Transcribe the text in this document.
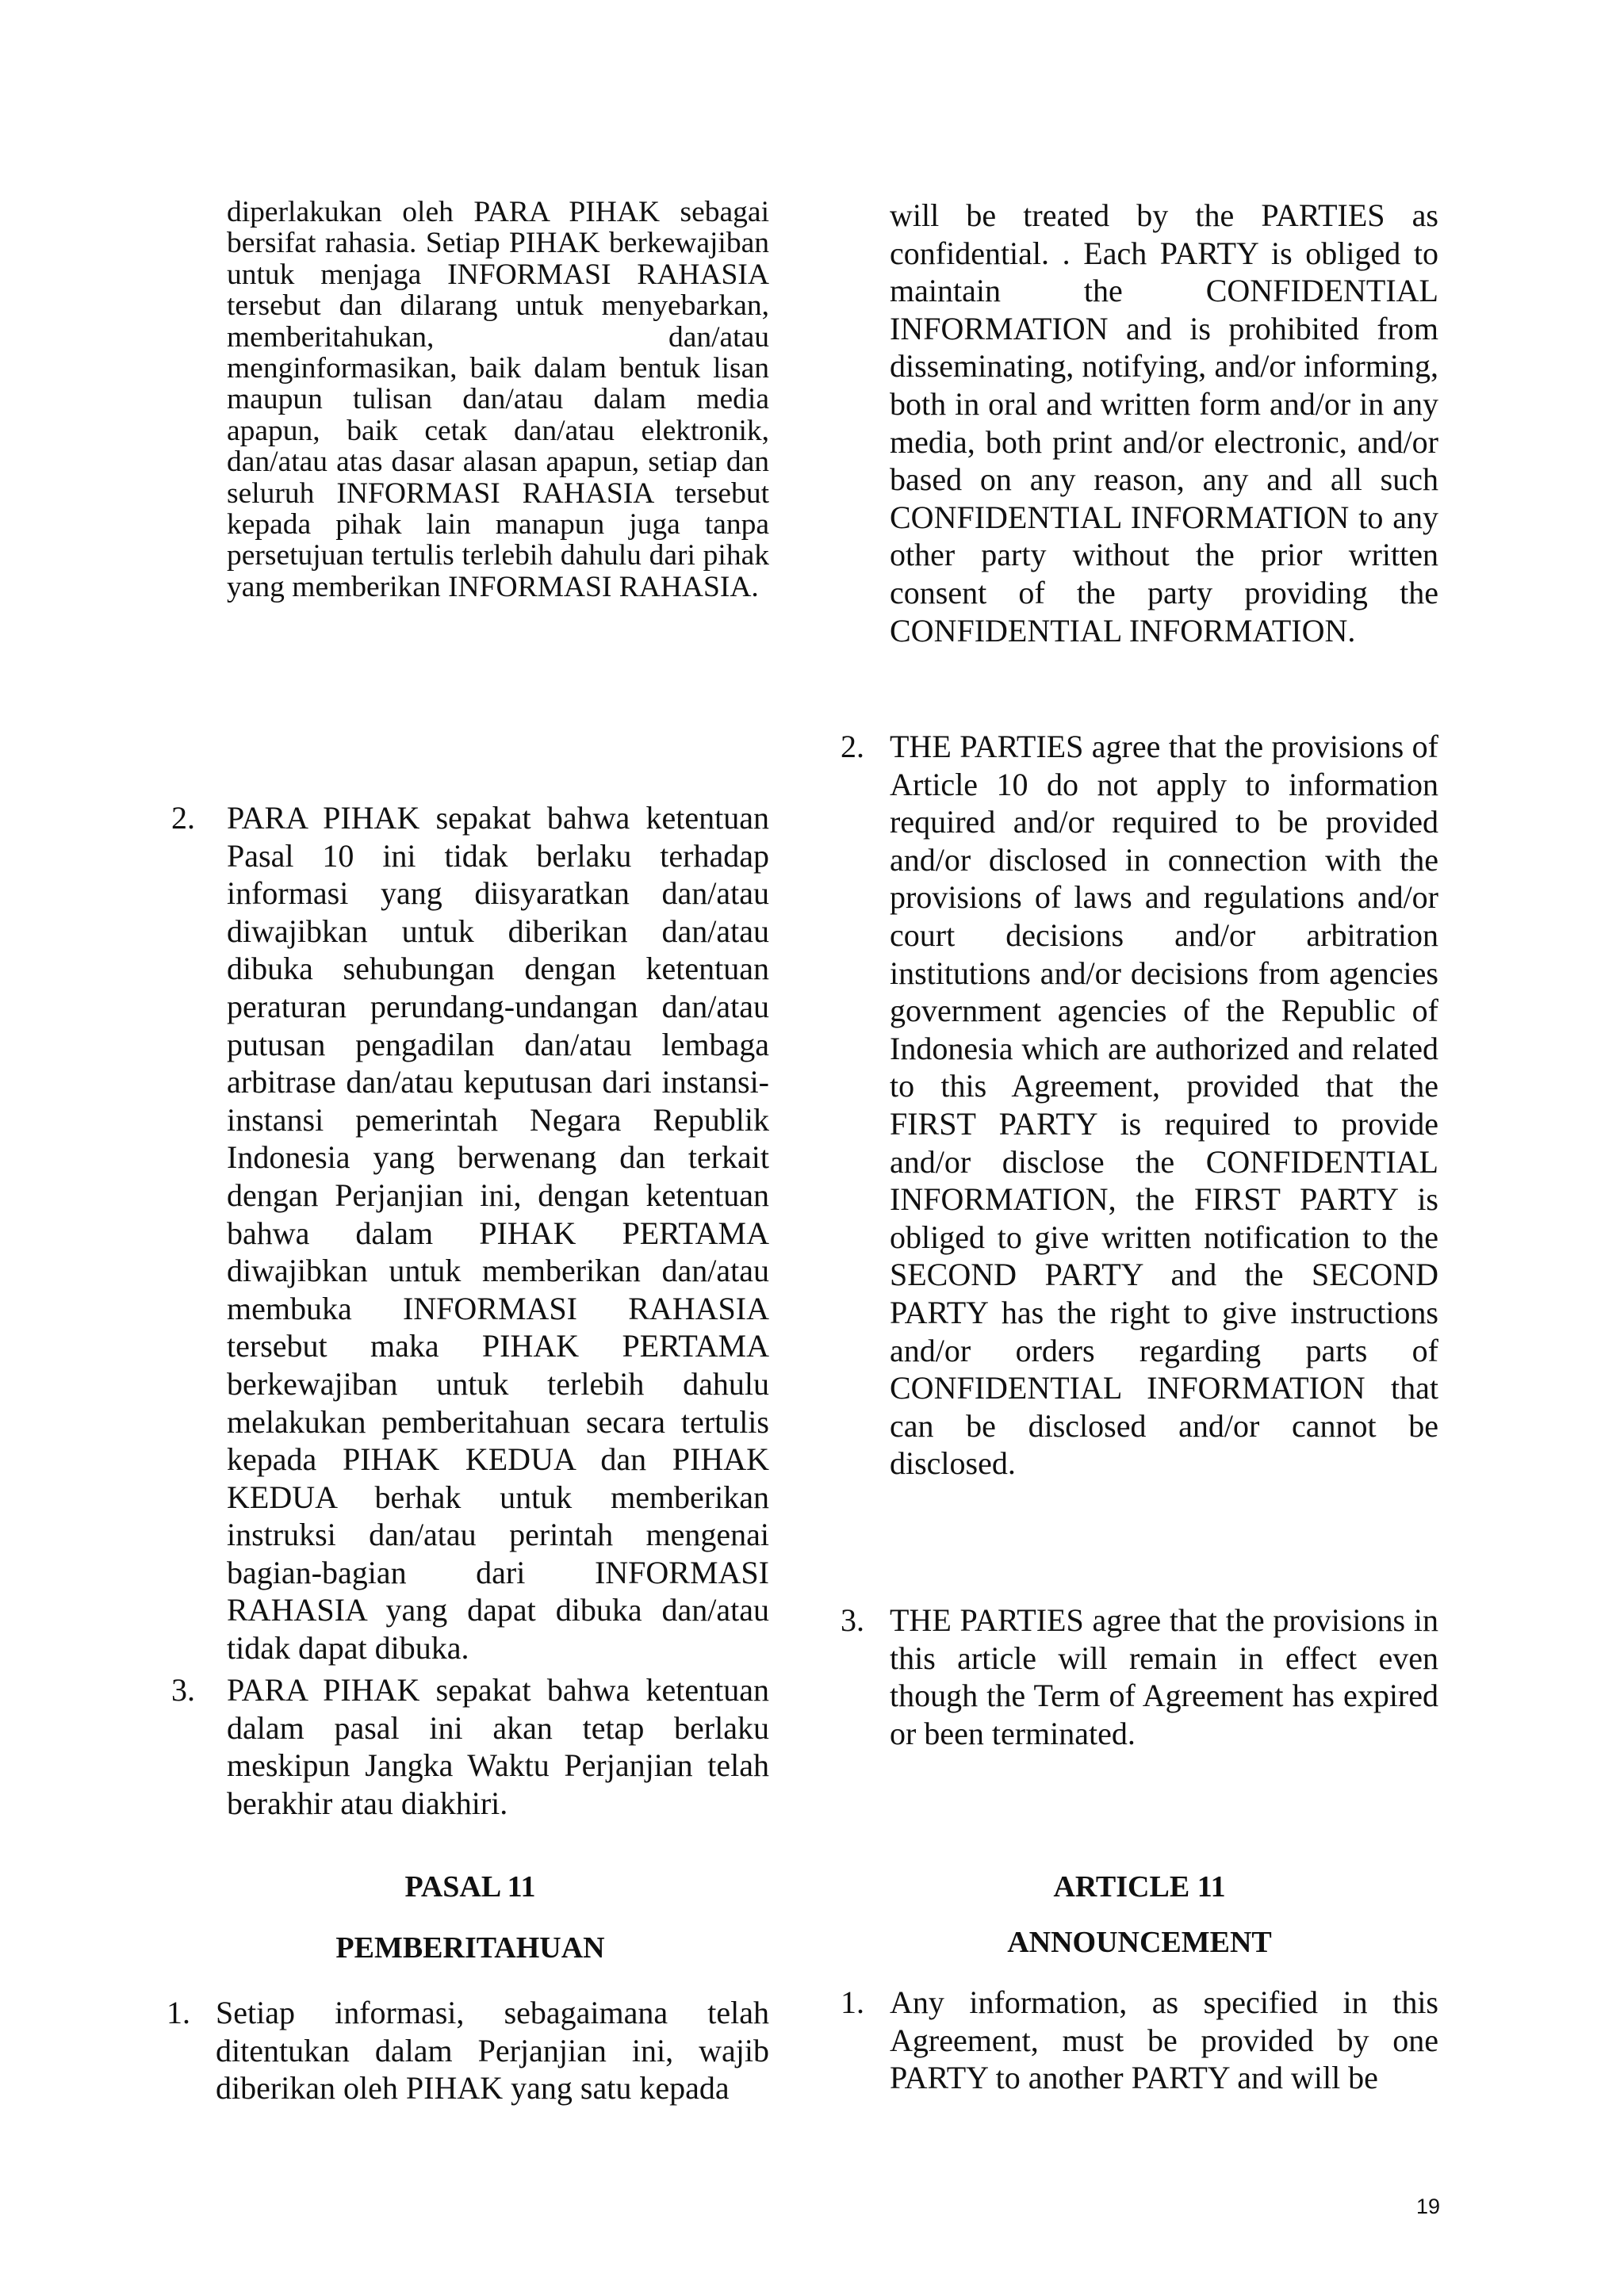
diperlakukan oleh PARA PIHAK sebagai bersifat rahasia. Setiap PIHAK berkewajiban untuk menjaga INFORMASI RAHASIA tersebut dan dilarang untuk menyebarkan, memberitahukan, dan/atau menginformasikan, baik dalam bentuk lisan maupun tulisan dan/atau dalam media apapun, baik cetak dan/atau elektronik, dan/atau atas dasar alasan apapun, setiap dan seluruh INFORMASI RAHASIA tersebut kepada pihak lain manapun juga tanpa persetujuan tertulis terlebih dahulu dari pihak yang memberikan INFORMASI RAHASIA.

2.	PARA PIHAK sepakat bahwa ketentuan Pasal 10 ini tidak berlaku terhadap informasi yang diisyaratkan dan/atau diwajibkan untuk diberikan dan/atau dibuka sehubungan dengan ketentuan peraturan perundang-undangan dan/atau putusan pengadilan dan/atau lembaga arbitrase dan/atau keputusan dari instansi-instansi pemerintah Negara Republik Indonesia yang berwenang dan terkait dengan Perjanjian ini, dengan ketentuan bahwa dalam PIHAK PERTAMA diwajibkan untuk memberikan dan/atau membuka INFORMASI RAHASIA tersebut maka PIHAK PERTAMA berkewajiban untuk terlebih dahulu melakukan pemberitahuan secara tertulis kepada PIHAK KEDUA dan PIHAK KEDUA berhak untuk memberikan instruksi dan/atau perintah mengenai bagian-bagian dari INFORMASI RAHASIA yang dapat dibuka dan/atau tidak dapat dibuka.
3.	PARA PIHAK sepakat bahwa ketentuan dalam pasal ini akan tetap berlaku meskipun Jangka Waktu Perjanjian telah berakhir atau diakhiri.
PASAL 11
PEMBERITAHUAN
1. Setiap informasi, sebagaimana telah ditentukan dalam Perjanjian ini, wajib diberikan oleh PIHAK yang satu kepada

will be treated by the PARTIES as confidential. . Each PARTY is obliged to maintain the CONFIDENTIAL INFORMATION and is prohibited from disseminating, notifying, and/or informing, both in oral and written form and/or in any media, both print and/or electronic, and/or based on any reason, any and all such CONFIDENTIAL INFORMATION to any other party without the prior written consent of the party providing the CONFIDENTIAL INFORMATION.

2. THE PARTIES agree that the provisions of Article 10 do not apply to information required and/or required to be provided and/or disclosed in connection with the provisions of laws and regulations and/or court decisions and/or arbitration institutions and/or decisions from agencies government agencies of the Republic of Indonesia which are authorized and related to this Agreement, provided that the FIRST PARTY is required to provide and/or disclose the CONFIDENTIAL INFORMATION, the FIRST PARTY is obliged to give written notification to the SECOND PARTY and the SECOND PARTY has the right to give instructions and/or orders regarding parts of CONFIDENTIAL INFORMATION that can be disclosed and/or cannot be disclosed.
3. THE PARTIES agree that the provisions in this article will remain in effect even though the Term of Agreement has expired or been terminated.
ARTICLE 11
ANNOUNCEMENT
1. Any information, as specified in this Agreement, must be provided by one PARTY to another PARTY and will be
19
